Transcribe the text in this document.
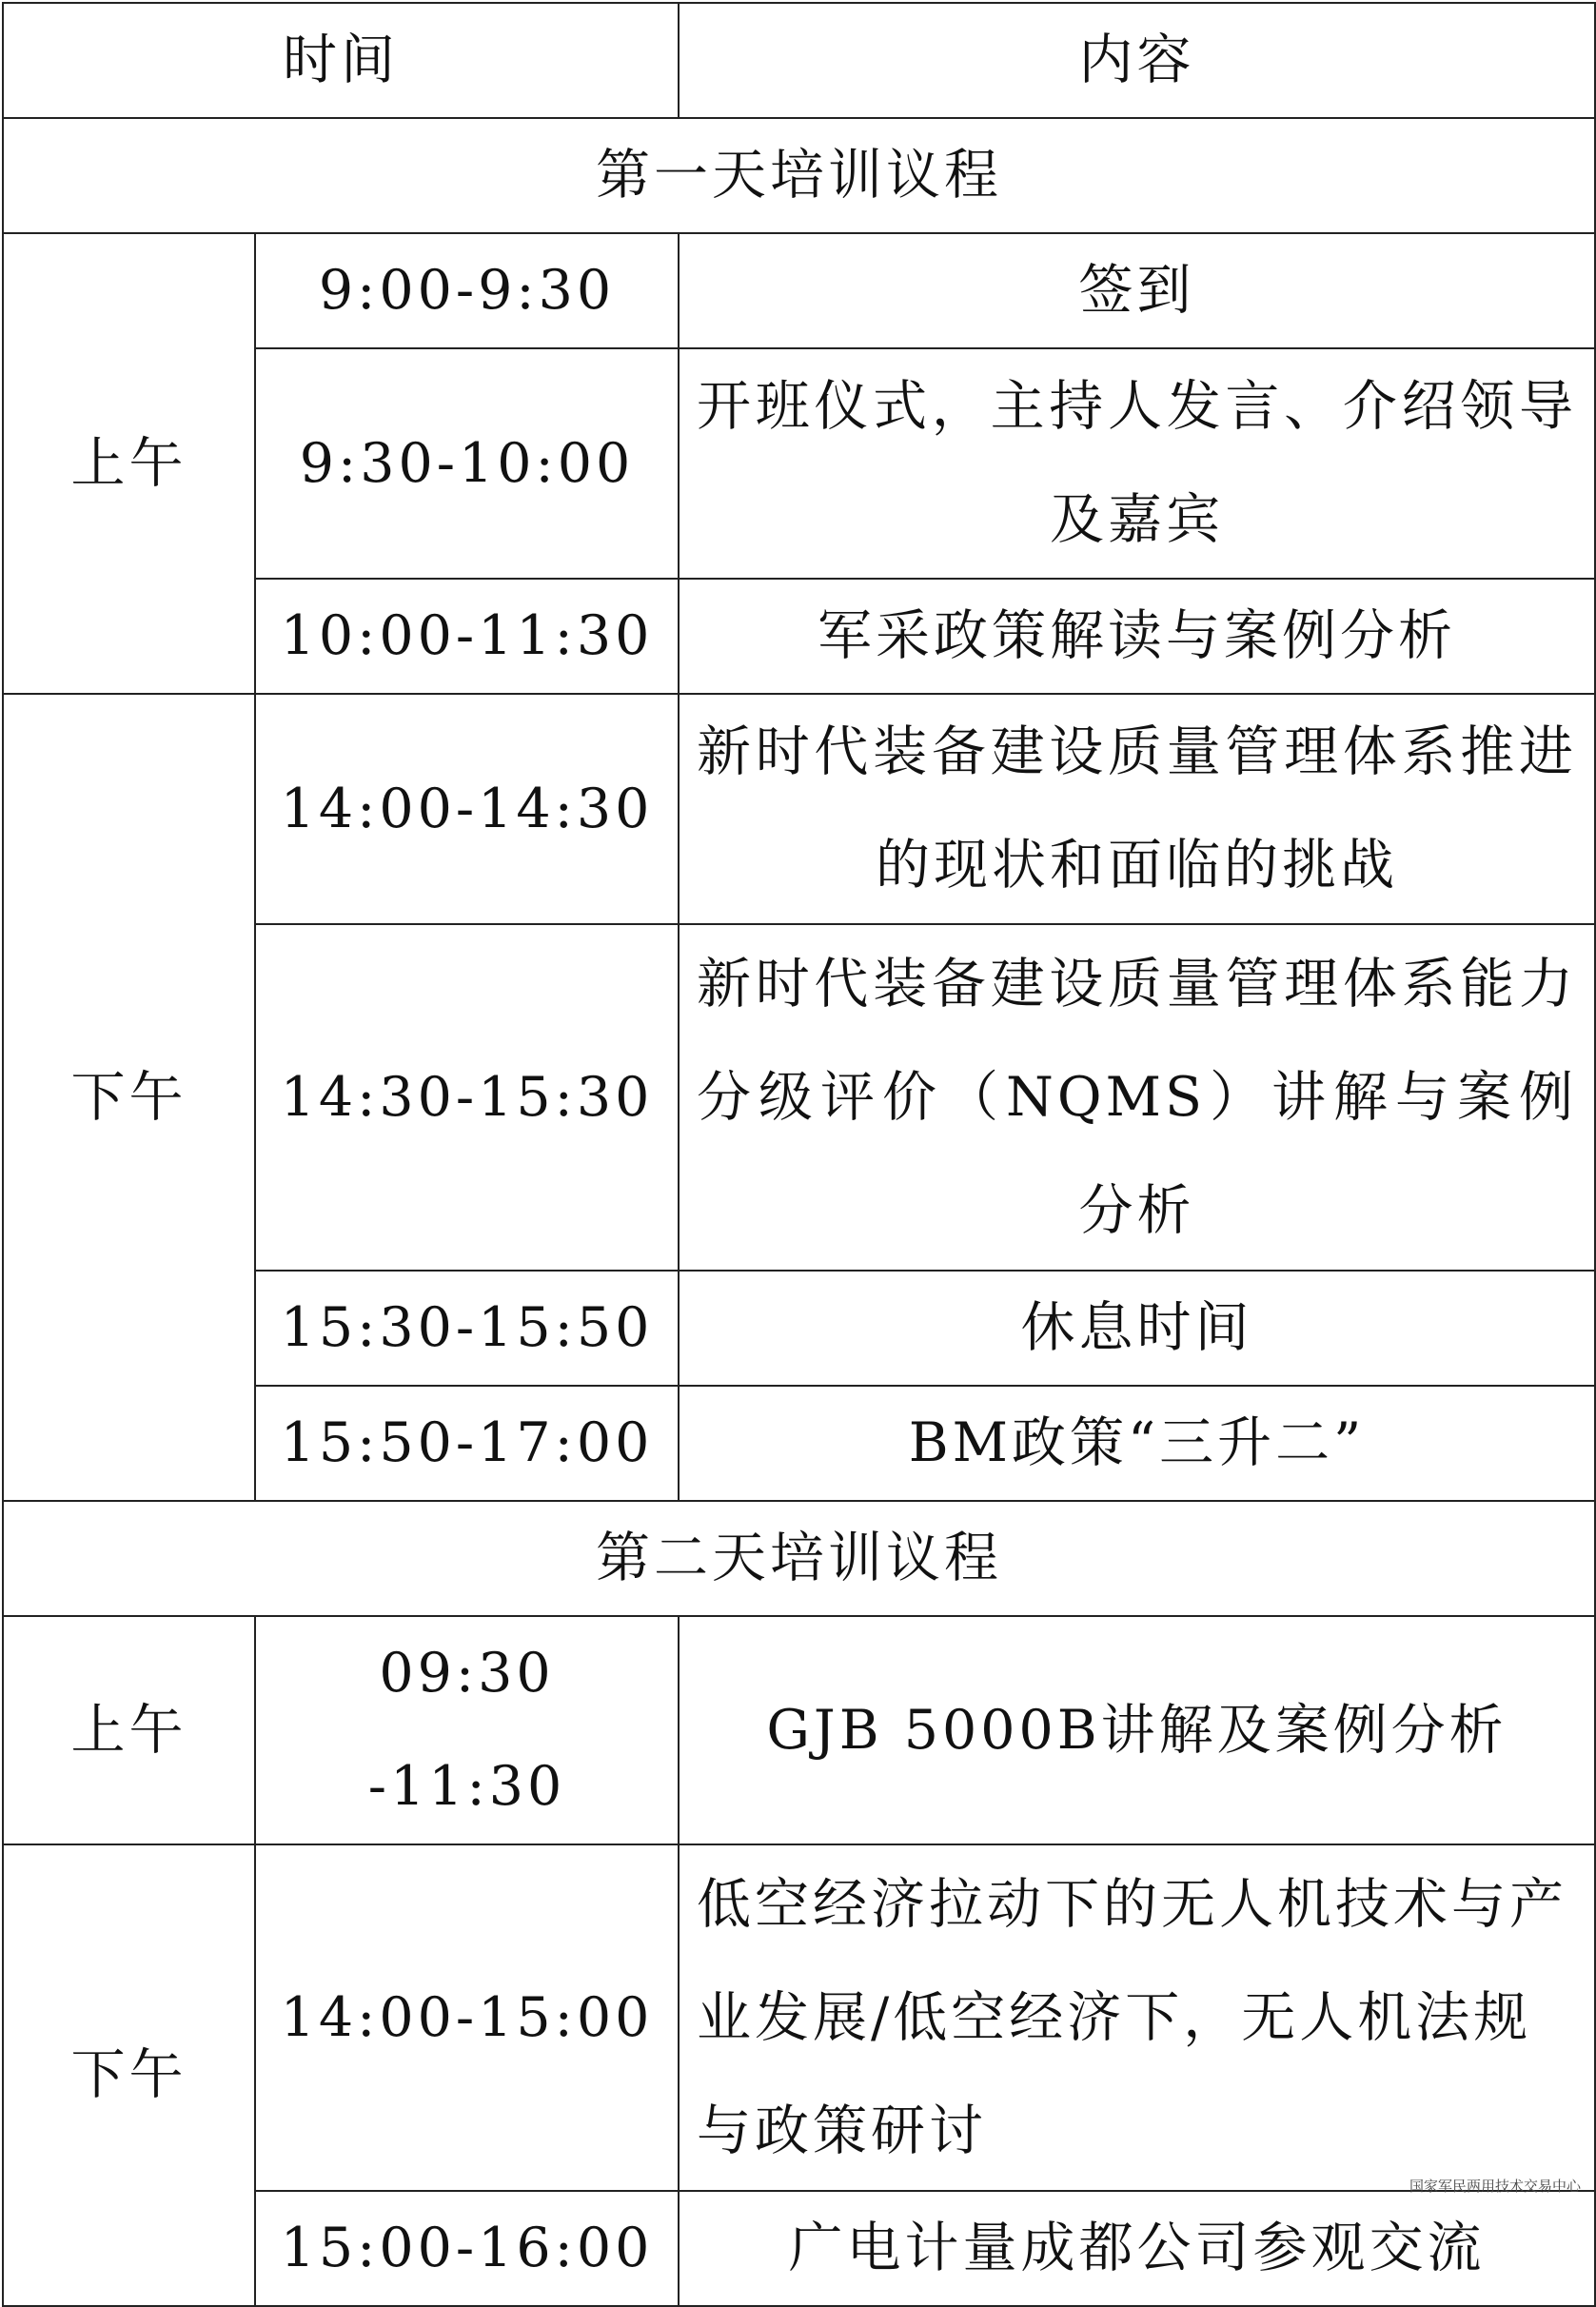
时间		内容
第一天培训议程		
上午	9:00-9:30	签到
	9:30-10:00	开班仪式，主持人发言、介绍领导及嘉宾
	10:00-11:30	军采政策解读与案例分析
下午	14:00-14:30	新时代装备建设质量管理体系推进的现状和面临的挑战
	14:30-15:30	新时代装备建设质量管理体系能力分级评价（NQMS）讲解与案例分析
	15:30-15:50	休息时间
	15:50-17:00	BM政策“三升二”
第二天培训议程		
上午	09:30 -11:30	GJB 5000B讲解及案例分析
下午	14:00-15:00	低空经济拉动下的无人机技术与产业发展/低空经济下，无人机法规与政策研讨
	15:00-16:00	广电计量成都公司参观交流
国家军民两用技术交易中心
